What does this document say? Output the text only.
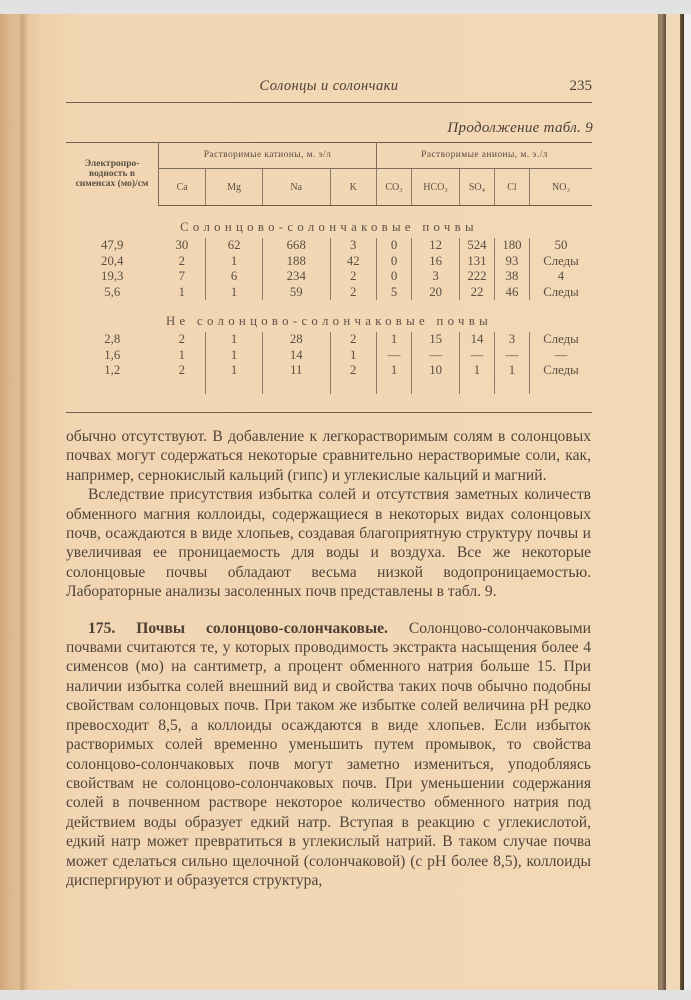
Солонцы и солончаки	235
Продолжение табл. 9
Электропро-водность в сименсах (мо)/см	Растворимые катионы, м. э/л				Растворимые анионы, м. э./л				
	Ca	Mg	Na	K	CO₃	HCO₃	SO₄	Cl	NO₃
Солонцово-солончаковые почвы									
47,9	30	62	668	3	0	12	524	180	50
20,4	2	1	188	42	0	16	131	93	Следы
19,3	7	6	234	2	0	3	222	38	4
5,6	1	1	59	2	5	20	22	46	Следы
Не солонцово-солончаковые почвы									
2,8	2	1	28	2	1	15	14	3	Следы
1,6	1	1	14	1	—	—	—	—	—
1,2	2	1	11	2	1	10	1	1	Следы

обычно отсутствуют. В добавление к легкорастворимым солям в солонцовых почвах могут содержаться некоторые сравнительно нерастворимые соли, как, например, сернокислый кальций (гипс) и углекислые кальций и магний.

Вследствие присутствия избытка солей и отсутствия заметных количеств обменного магния коллоиды, содержащиеся в некоторых видах солонцовых почв, осаждаются в виде хлопьев, создавая благоприятную структуру почвы и увеличивая ее проницаемость для воды и воздуха. Все же некоторые солонцовые почвы обладают весьма низкой водопроницаемостью. Лабораторные анализы засоленных почв представлены в табл. 9.

175. Почвы солонцово-солончаковые. Солонцово-солончаковыми почвами считаются те, у которых проводимость экстракта насыщения более 4 сименсов (мо) на сантиметр, а процент обменного натрия больше 15. При наличии избытка солей внешний вид и свойства таких почв обычно подобны свойствам солонцовых почв. При таком же избытке солей величина pH редко превосходит 8,5, а коллоиды осаждаются в виде хлопьев. Если избыток растворимых солей временно уменьшить путем промывок, то свойства солонцово-солончаковых почв могут заметно измениться, уподобляясь свойствам не солонцово-солончаковых почв. При уменьшении содержания солей в почвенном растворе некоторое количество обменного натрия под действием воды образует едкий натр. Вступая в реакцию с углекислотой, едкий натр может превратиться в углекислый натрий. В таком случае почва может сделаться сильно щелочной (солончаковой) (с pH более 8,5), коллоиды диспергируют и образуется структура,
